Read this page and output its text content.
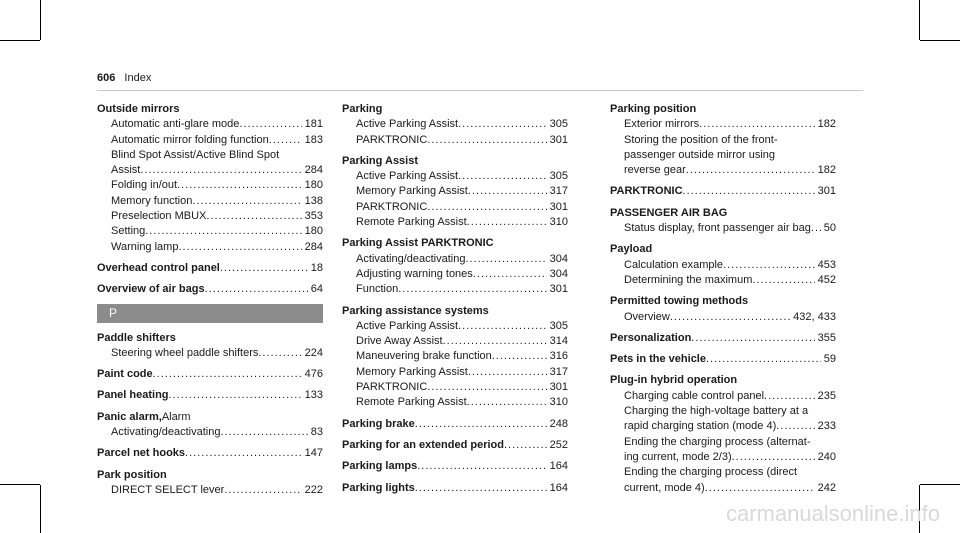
606 Index
Outside mirrors
Automatic anti-glare mode .....	181
Automatic mirror folding function .....	183
Blind Spot Assist/Active Blind Spot
Assist .....	284
Folding in/out .....	180
Memory function .....	138
Preselection MBUX .....	353
Setting .....	180
Warning lamp .....	284
Overhead control panel .....	18
Overview of air bags .....	64
P
Paddle shifters
Steering wheel paddle shifters .....	224
Paint code .....	476
Panel heating .....	133
Panic alarm, Alarm
Activating/deactivating .....	83
Parcel net hooks .....	147
Park position
DIRECT SELECT lever .....	222
Parking
Active Parking Assist .....	305
PARKTRONIC .....	301
Parking Assist
Active Parking Assist .....	305
Memory Parking Assist .....	317
PARKTRONIC .....	301
Remote Parking Assist .....	310
Parking Assist PARKTRONIC
Activating/deactivating .....	304
Adjusting warning tones .....	304
Function .....	301
Parking assistance systems
Active Parking Assist .....	305
Drive Away Assist .....	314
Maneuvering brake function .....	316
Memory Parking Assist .....	317
PARKTRONIC .....	301
Remote Parking Assist .....	310
Parking brake .....	248
Parking for an extended period .....	252
Parking lamps .....	164
Parking lights .....	164
Parking position
Exterior mirrors .....	182
Storing the position of the front-
passenger outside mirror using
reverse gear .....	182
PARKTRONIC .....	301
PASSENGER AIR BAG
Status display, front passenger air bag ..... 50
Payload
Calculation example .....	453
Determining the maximum .....	452
Permitted towing methods
Overview .....	432, 433
Personalization .....	355
Pets in the vehicle .....	59
Plug-in hybrid operation
Charging cable control panel .....	235
Charging the high-voltage battery at a
rapid charging station (mode 4) .....	233
Ending the charging process (alternat-
ing current, mode 2/3) .....	240
Ending the charging process (direct
current, mode 4) .....	242
carmanualsonline.info
